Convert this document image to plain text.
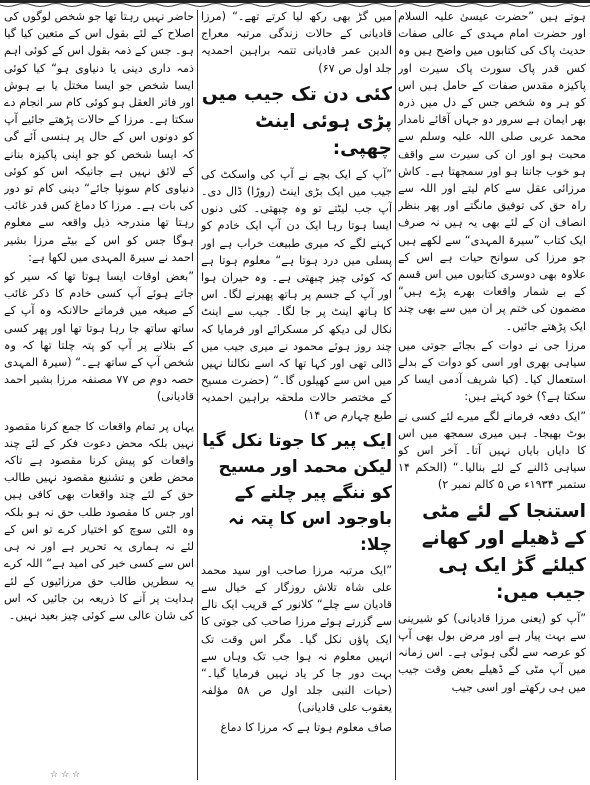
ہوتے ہیں ”حضرت عیسیٰ علیہ السلام اور حضرت امام مہدی کے عالی صفات حدیث پاک کی کتابوں میں واضح ہیں وہ کس قدر پاک سورت پاک سیرت اور پاکیزہ مقدس صفات کے حامل ہیں اس کو ہر وہ شخص جس کے دل میں ذرہ بھر ایمان ہے سرور دو جہاں آقائے نامدار محمد عربی صلی اللہ علیہ وسلم سے محبت ہو اور ان کی سیرت سے واقف ہو خوب جانتا ہو اور سمجھتا ہے۔ کاش مرزائی عقل سے کام لیتے اور اللہ سے راہ حق کی توفیق مانگتے اور پھر بنظر انصاف ان کے لئے بھی یہ ہیں نہ صرف ایک کتاب ”سیرۃ المہدی“ سے لکھے ہیں جو مرزا کی سوانح حیات ہے اس کے علاوہ بھی دوسری کتابوں میں اس قسم کے بے شمار واقعات بھرے پڑے ہیں“ مضمون کی ختم پر ان میں سے بھی چند ایک پڑھتے جائیں۔

مرزا جی نے دوات کے بجائے جوتی میں سیاہی بھری اور اسی کو دوات کے بدلے استعمال کیا۔ (کیا شریف آدمی ایسا کر سکتا ہے؟) خود کہتے ہیں:

”ایک دفعہ فرمانے لگے میرے لئے کسی نے بوٹ بھیجا۔ ہیں میری سمجھ میں اس کا دایاں بایاں نہیں آتا۔ آخر اس کو سیاہی ڈالنے کے لئے بنالیا۔“ (الحکم ۱۴ ستمبر ۱۹۳۴ء ص ۵ کالم نمبر ۲)

استنجا کے لئے مٹی کے ڈھیلے اور کھانے کیلئے گڑ ایک ہی جیب میں:

”آپ کو (یعنی مرزا قادیانی) کو شیرینی سے بہت پیار ہے اور مرض بول بھی آپ کو عرصہ سے لگی ہوئی ہے۔ اس زمانہ میں آپ مٹی کے ڈھیلے بعض وقت جیب میں ہی رکھتے اور اسی جیب

میں گڑ بھی رکھ لیا کرتے تھے۔“ (مرزا قادیانی کے حالات زندگی مرتبہ معراج الدین عمر قادیانی تتمہ براہین احمدیہ جلد اول ص ۶۷)

کئی دن تک جیب میں پڑی ہوئی اینٹ چھپی:

”آپ کے ایک بچے نے آپ کی واسکٹ کی جیب میں ایک بڑی اینٹ (روڑا) ڈال دی۔ آپ جب لیٹتے تو وہ چبھتی۔ کئی دنوں ایسا ہوتا رہا ایک دن آپ ایک خادم کو کہنے لگے کہ میری طبیعت خراب ہے اور پسلی میں درد ہوتا ہے“ معلوم ہوتا ہے کہ کوئی چیز چبھتی ہے۔ وہ حیران ہوا اور آپ کے جسم پر ہاتھ پھیرنے لگا۔ اس کا ہاتھ اینٹ پر جا لگا۔ جیب سے اینٹ نکال لی دیکھ کر مسکرائے اور فرمایا کہ چند روز ہوئے محمود نے میری جیب میں ڈالی تھی اور کہا تھا کہ اسے نکالنا نہیں میں اس سے کھیلوں گا۔“ (حضرت مسیح کے مختصر حالات ملحقہ براہین احمدیہ طبع چہارم ص ۱۴)

ایک پیر کا جوتا نکل گیا لیکن محمد اور مسیح کو ننگے پیر چلنے کے باوجود اس کا پتہ نہ چلا:

”ایک مرتبہ مرزا صاحب اور سید محمد علی شاہ تلاش روزگار کے خیال سے قادیان سے چلے“ کلانور کے قریب ایک نالے سے گزرتے ہوئے مرزا صاحب کی جوتی کا ایک پاؤں نکل گیا۔ مگر اس وقت تک انہیں معلوم نہ ہوا جب تک وہاں سے بہت دور جا کر یاد نہیں فرمایا گیا۔“ (حیات النبی جلد اول ص ۵۸ مؤلفہ یعقوب علی قادیانی)

صاف معلوم ہوتا ہے کہ مرزا کا دماغ

حاضر نہیں رہتا تھا جو شخص لوگوں کی اصلاح کے لئے بقول اس کے متعین کیا گیا ہو۔ جس کے ذمہ بقول اس کے کوئی اہم ذمہ داری دینی یا دنیاوی ہو“ کیا کوئی ایسا شخص جو ایسا مختل یا بے ہوش اور فاتر العقل ہو کوئی کام سر انجام دے سکتا ہے۔ مرزا کے حالات پڑھتے جائیے آپ کو دونوں اس کے حال پر ہنسی آئے گی کہ ایسا شخص کو جو اپنی پاکیزہ بنانے کے لائق نہیں ہے جانیکہ اس کو کوئی دنیاوی کام سونپا جائے“ دینی کام تو دور کی بات ہے۔ مرزا کا دماغ کس قدر غائب رہتا تھا مندرجہ ذیل واقعہ سے معلوم ہوگا جس کو اس کے بیٹے مرزا بشیر احمد نے سیرۃ المہدی میں لکھا ہے:

”بعض اوقات ایسا ہوتا تھا کہ سیر کو جاتے ہوئے آپ کسی خادم کا ذکر غائب کے صیغہ میں فرماتے حالانکہ وہ آپ کے ساتھ ساتھ جا رہا ہوتا تھا اور پھر کسی کے بتلانے پر آپ کو پتہ چلتا تھا کہ وہ شخص آپ کے ساتھ ہے۔“ (سیرۃ المہدی حصہ دوم ص ۷۷ مصنفہ مرزا بشیر احمد قادیانی)

یہاں پر تمام واقعات کا جمع کرنا مقصود نہیں بلکہ محض دعوت فکر کے لئے چند واقعات کو پیش کرنا مقصود ہے تاکہ محض طعن و تشنیع مقصود نہیں طالب حق کے لئے چند واقعات بھی کافی ہیں اور جس کا مقصود طلب حق نہ ہو بلکہ وہ الٹی سوچ کو اختیار کرے تو اس کے لئے نہ ہماری یہ تحریر ہے اور نہ ہی اس سے کسی خیر کی امید ہے“ اللہ کرے یہ سطریں طالب حق مرزائیوں کے لئے ہدایت پر آنے کا ذریعہ بن جائیں کہ اس کی شان عالی سے کوئی چیز بعید نہیں۔

☆☆☆
